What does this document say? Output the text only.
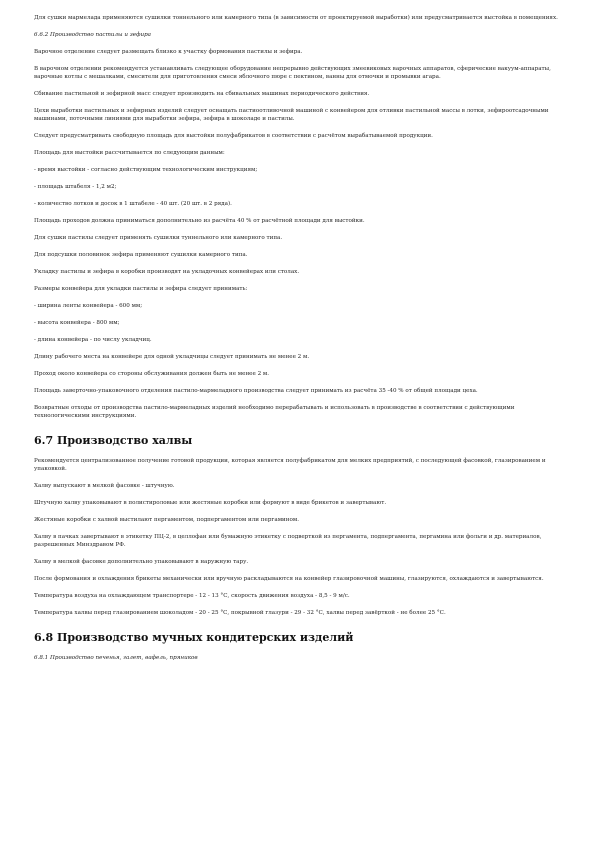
Для сушки мармелада применяются сушилки тоннельного или камерного типа (в зависимости от проектируемой выработки) или предусматривается выстойка в помещениях.

6.6.2 Производство пастилы и зефира

Варочное отделение следует размещать близко к участку формования пастилы и зефира.

В варочном отделении рекомендуется устанавливать следующее оборудование непрерывно действующих змеевиковых варочных аппаратов, сферические вакуум-аппараты, варочные котлы с мешалками, смесители для приготовления смеси яблочного пюре с пектином, ванны для отмочки и промывки агара.

Сбивание пастильной и зефирной масс следует производить на сбивальных машинах периодического действия.

Цехи выработки пастильных и зефирных изделий следует оснащать пастиоотливочной машиной с конвейером для отливки пастильной массы в лотки, зефироотсадочными машинами, поточными линиями для выработки зефира, зефира в шоколаде и пастилы.

Следует предусматривать свободную площадь для выстойки полуфабрикатов в соответствии с расчётом вырабатываемой продукции.

Площадь для выстойки рассчитывается по следующим данным:

- время выстойки - согласно действующим технологическим инструкциям;

- площадь штабеля - 1,2 м2;

- количество лотков и досок в 1 штабеле - 40 шт. (20 шт. в 2 ряда).

Площадь проходов должна приниматься дополнительно из расчёта 40 % от расчётной площади для выстойки.

Для сушки пастилы следует применять сушилки туннельного или камерного типа.

Для подсушки половинок зефира применяют сушилки камерного типа.

Укладку пастилы и зефира в коробки производят на укладочных конвейерах или столах.

Размеры конвейера для укладки пастилы и зефира следует принимать:

- ширина ленты конвейера - 600 мм;

- высота конвейера - 800 мм;

- длина конвейера - по числу укладчиц.

Длину рабочего места на конвейере для одной укладчицы следует принимать не менее 2 м.

Проход около конвейера со стороны обслуживания должен быть не менее 2 м.

Площадь заверточно-упаковочного отделения пастило-мармеладного производства следует принимать из расчёта 35 -40 % от общей площади цеха.

Возвратные отходы от производства пастило-мармеладных изделий необходимо перерабатывать и использовать в производстве в соответствии с действующими технологическими инструкциями.

6.7 Производство халвы

Рекомендуется централизованное получение готовой продукции, которая является полуфабрикатом для мелких предприятий, с последующей фасовкой, глазированием и упаковкой.

Халву выпускают в мелкой фасовке - штучную.

Штучную халву упаковывают в полистироловые или жестяные коробки или формуют в виде брикетов и завертывают.

Жестяные коробки с халвой выстилают пергаментом, подпергаментом или пергамином.

Халву в пачках завертывают в этикетку ПЦ-2, в целлофан или бумажную этикетку с подверткой из пергамента, подпергамента, пергамина или фольги и др. материалов, разрешенных Минздравом РФ.

Халву в мелкой фасовке дополнительно упаковывают в наружную тару.

После формования и охлаждения брикеты механически или вручную раскладываются на конвейер глазировочной машины, глазируются, охлаждаются и завертываются.

Температура воздуха на охлаждающем транспортере - 12 - 13 °С, скорость движения воздуха - 8,5 - 9 м/с.

Температура халвы перед глазированием шоколадом - 20 - 25 °С, покрывной глазури - 29 - 32 °С, халвы перед завёрткой - не более 25 °С.

6.8 Производство мучных кондитерских изделий

6.8.1 Производство печенья, галет, вафель, пряников
